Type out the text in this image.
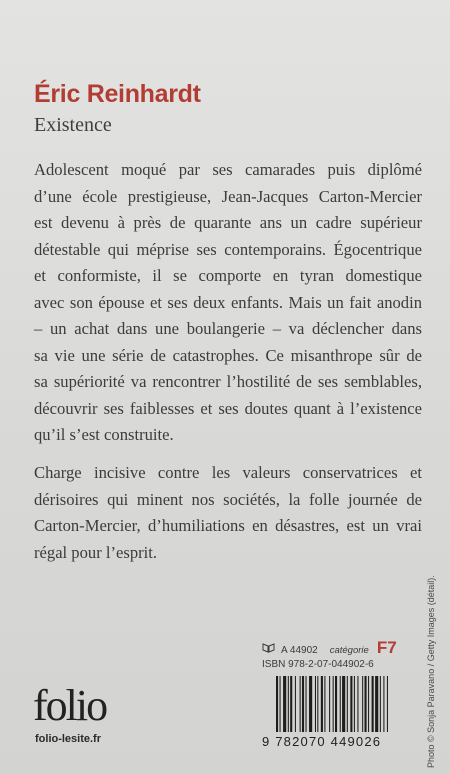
Éric Reinhardt
Existence
Adolescent moqué par ses camarades puis diplômé
d’une école prestigieuse, Jean-Jacques Carton-Mercier
est devenu à près de quarante ans un cadre supérieur
détestable qui méprise ses contemporains. Égocentrique
et conformiste, il se comporte en tyran domestique
avec son épouse et ses deux enfants. Mais un fait anodin
– un achat dans une boulangerie – va déclencher dans
sa vie une série de catastrophes. Ce misanthrope sûr de
sa supériorité va rencontrer l’hostilité de ses semblables,
découvrir ses faiblesses et ses doutes quant à l’existence
qu’il s’est construite.
Charge incisive contre les valeurs conservatrices et
dérisoires qui minent nos sociétés, la folle journée de
Carton-Mercier, d’humiliations en désastres, est un vrai
régal pour l’esprit.
Photo © Sonja Paravano / Getty Images (détail).
A 44902 catégorie F7
ISBN 978-2-07-044902-6
folio
folio-lesite.fr	9 782070 449026
